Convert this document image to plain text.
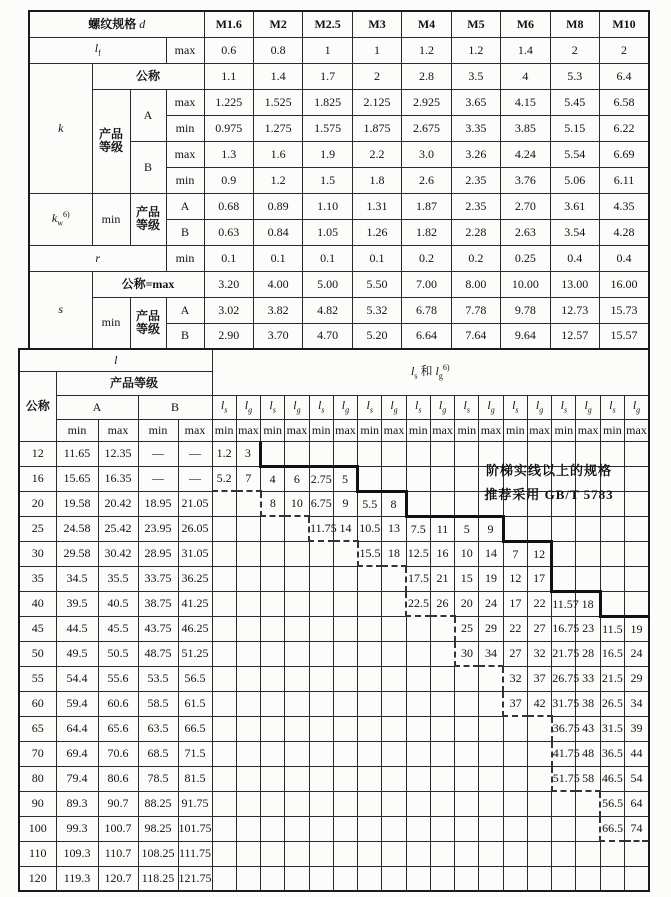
螺纹规格 d				M1.6	M2	M2.5	M3	M4	M5	M6	M8	M10
$l_f$			max	0.6	0.8	1	1	1.2	1.2	1.4	2	2
k	公称			1.1	1.4	1.7	2	2.8	3.5	4	5.3	6.4

	产品
等级	A	max	1.225	1.525	1.825	2.125	2.925	3.65	4.15	5.45	6.58
			min	0.975	1.275	1.575	1.875	2.675	3.35	3.85	5.15	6.22
		B	max	1.3	1.6	1.9	2.2	3.0	3.26	4.24	5.54	6.69
			min	0.9	1.2	1.5	1.8	2.6	2.35	3.76	5.06	6.11
$k_w^{6)}$	min	产品
等级	A	0.68	0.89	1.10	1.31	1.87	2.35	2.70	3.61	4.35
			B	0.63	0.84	1.05	1.26	1.82	2.28	2.63	3.54	4.28
r			min	0.1	0.1	0.1	0.1	0.2	0.2	0.25	0.4	0.4
s	公称=max			3.20	4.00	5.00	5.50	7.00	8.00	10.00	13.00	16.00
	min	产品
等级	A	3.02	3.82	4.82	5.32	6.78	7.78	9.78	12.73	15.73
			B	2.90	3.70	4.70	5.20	6.64	7.64	9.64	12.57	15.57
l					$l_s$ 和 $l_g^{6)}$
公称	产品等级																					
	A		B		$l_s$	$l_g$	$l_s$	$l_g$	$l_s$	$l_g$	$l_s$	$l_g$	$l_s$	$l_g$	$l_s$	$l_g$	$l_s$	$l_g$	$l_s$	$l_g$	$l_s$	$l_g$
	min	max	min	max	min	max	min	max	min	max	min	max	min	max	min	max	min	max	min	max	min	max
12	11.65	12.35	—	—	1.2	3																
16	15.65	16.35	—	—	5.2	7	4	6	2.75	5												
20	19.58	20.42	18.95	21.05			8	10	6.75	9	5.5	8										
25	24.58	25.42	23.95	26.05					11.75	14	10.5	13	7.5	11	5	9						
30	29.58	30.42	28.95	31.05							15.5	18	12.5	16	10	14	7	12				
35	34.5	35.5	33.75	36.25									17.5	21	15	19	12	17				
40	39.5	40.5	38.75	41.25									22.5	26	20	24	17	22	11.57	18		
45	44.5	45.5	43.75	46.25											25	29	22	27	16.75	23	11.5	19
50	49.5	50.5	48.75	51.25											30	34	27	32	21.75	28	16.5	24
55	54.4	55.6	53.5	56.5													32	37	26.75	33	21.5	29
60	59.4	60.6	58.5	61.5													37	42	31.75	38	26.5	34
65	64.4	65.6	63.5	66.5															36.75	43	31.5	39
70	69.4	70.6	68.5	71.5															41.75	48	36.5	44
80	79.4	80.6	78.5	81.5															51.75	58	46.5	54
90	89.3	90.7	88.25	91.75																	56.5	64
100	99.3	100.7	98.25	101.75																	66.5	74
110	109.3	110.7	108.25	111.75																		
120	119.3	120.7	118.25	121.75																		
阶梯实线以上的规格
推荐采用 GB/T 5783
